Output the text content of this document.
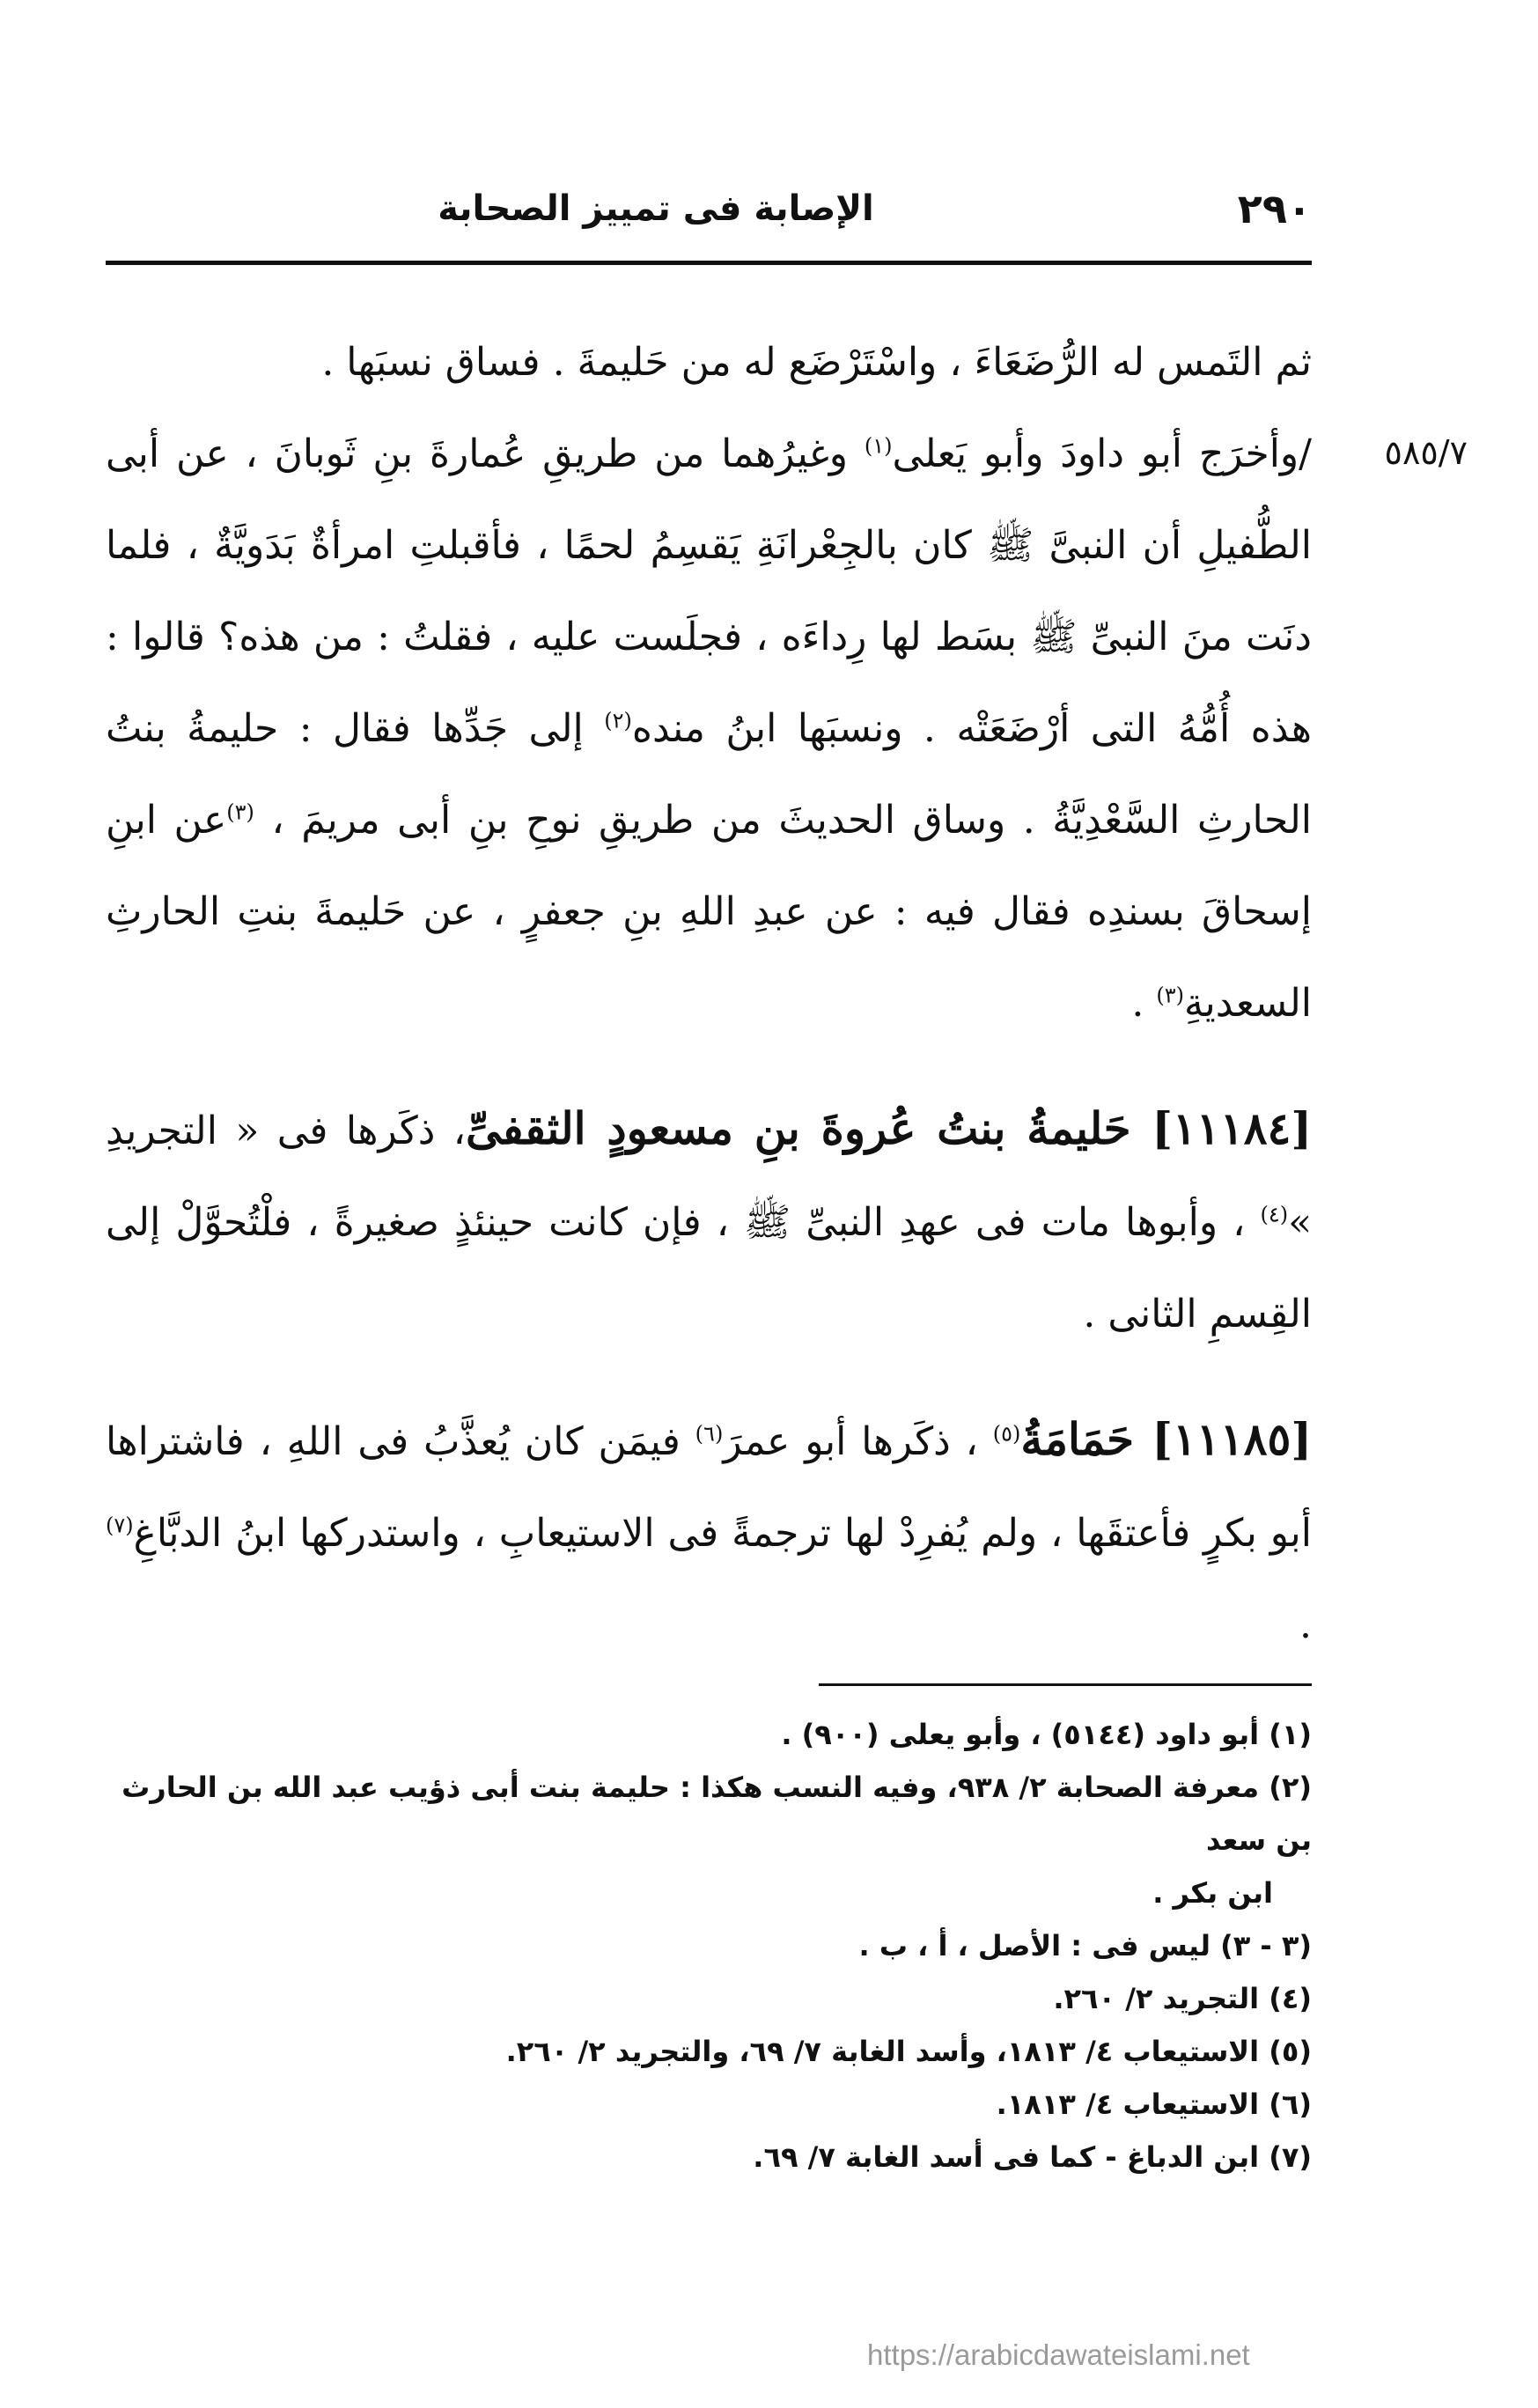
٢٩٠
الإصابة فى تمييز الصحابة
٥٨٥/٧

ثم التَمس له الرُّضَعَاءَ ، واسْتَرْضَع له من حَليمةَ . فساق نسبَها .

/وأخرَج أبو داودَ وأبو يَعلى$^{(١)}$ وغيرُهما من طريقِ عُمارةَ بنِ ثَوبانَ ، عن أبى الطُّفيلِ أن النبىَّ ﷺ كان بالجِعْرانَةِ يَقسِمُ لحمًا ، فأقبلتِ امرأةٌ بَدَويَّةٌ ، فلما دنَت منَ النبىِّ ﷺ بسَط لها رِداءَه ، فجلَست عليه ، فقلتُ : من هذه؟ قالوا : هذه أُمُّهُ التى أرْضَعَتْه . ونسبَها ابنُ منده$^{(٢)}$ إلى جَدِّها فقال : حليمةُ بنتُ الحارثِ السَّعْدِيَّةُ . وساق الحديثَ من طريقِ نوحِ بنِ أبى مريمَ ، $^{(٣)}$عن ابنِ إسحاقَ بسندِه فقال فيه : عن عبدِ اللهِ بنِ جعفرٍ ، عن حَليمةَ بنتِ الحارثِ السعديةِ$^{(٣)}$ .

[١١١٨٤] حَليمةُ بنتُ عُروةَ بنِ مسعودٍ الثقفىِّ، ذكَرها فى « التجريدِ »$^{(٤)}$ ، وأبوها مات فى عهدِ النبىِّ ﷺ ، فإن كانت حينئذٍ صغيرةً ، فلْتُحوَّلْ إلى القِسمِ الثانى .

[١١١٨٥] حَمَامَةُ$^{(٥)}$ ، ذكَرها أبو عمرَ$^{(٦)}$ فيمَن كان يُعذَّبُ فى اللهِ ، فاشتراها أبو بكرٍ فأعتقَها ، ولم يُفرِدْ لها ترجمةً فى الاستيعابِ ، واستدركها ابنُ الدبَّاغِ$^{(٧)}$ .

(١) أبو داود (٥١٤٤) ، وأبو يعلى (٩٠٠) .
(٢) معرفة الصحابة ٢/ ٩٣٨، وفيه النسب هكذا : حليمة بنت أبى ذؤيب عبد الله بن الحارث بن سعد
ابن بكر .
(٣ - ٣) ليس فى : الأصل ، أ ، ب .
(٤) التجريد ٢/ ٢٦٠.
(٥) الاستيعاب ٤/ ١٨١٣، وأسد الغابة ٧/ ٦٩، والتجريد ٢/ ٢٦٠.
(٦) الاستيعاب ٤/ ١٨١٣.
(٧) ابن الدباغ - كما فى أسد الغابة ٧/ ٦٩.
https://arabicdawateislami.net
